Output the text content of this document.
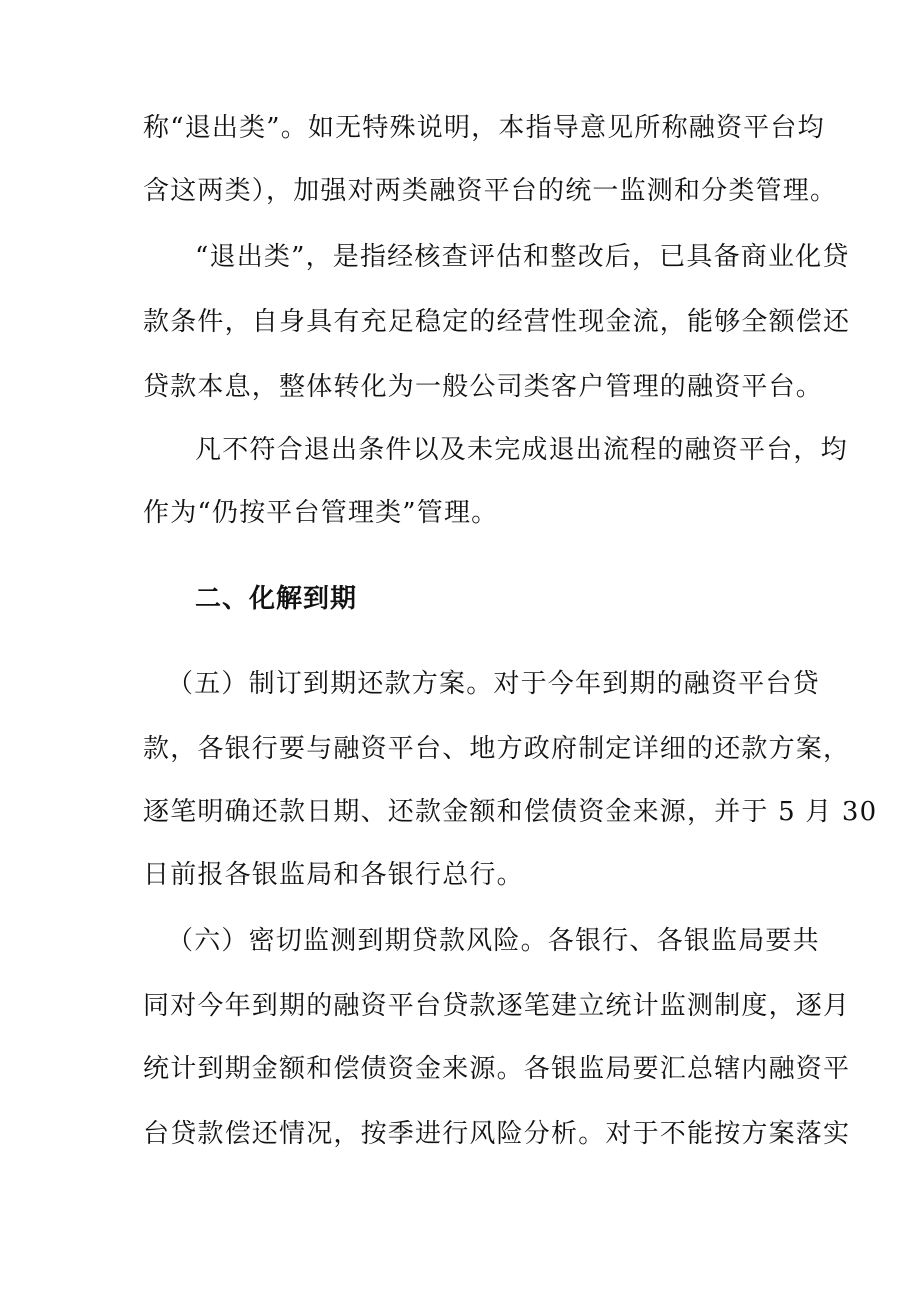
称“退出类”。如无特殊说明，本指导意见所称融资平台均
含这两类），加强对两类融资平台的统一监测和分类管理。
“退出类”，是指经核查评估和整改后，已具备商业化贷
款条件，自身具有充足稳定的经营性现金流，能够全额偿还
贷款本息，整体转化为一般公司类客户管理的融资平台。
凡不符合退出条件以及未完成退出流程的融资平台，均
作为“仍按平台管理类”管理。
二、化解到期
（五）制订到期还款方案。对于今年到期的融资平台贷
款，各银行要与融资平台、地方政府制定详细的还款方案，
逐笔明确还款日期、还款金额和偿债资金来源，并于 5 月 30
日前报各银监局和各银行总行。
（六）密切监测到期贷款风险。各银行、各银监局要共
同对今年到期的融资平台贷款逐笔建立统计监测制度，逐月
统计到期金额和偿债资金来源。各银监局要汇总辖内融资平
台贷款偿还情况，按季进行风险分析。对于不能按方案落实
